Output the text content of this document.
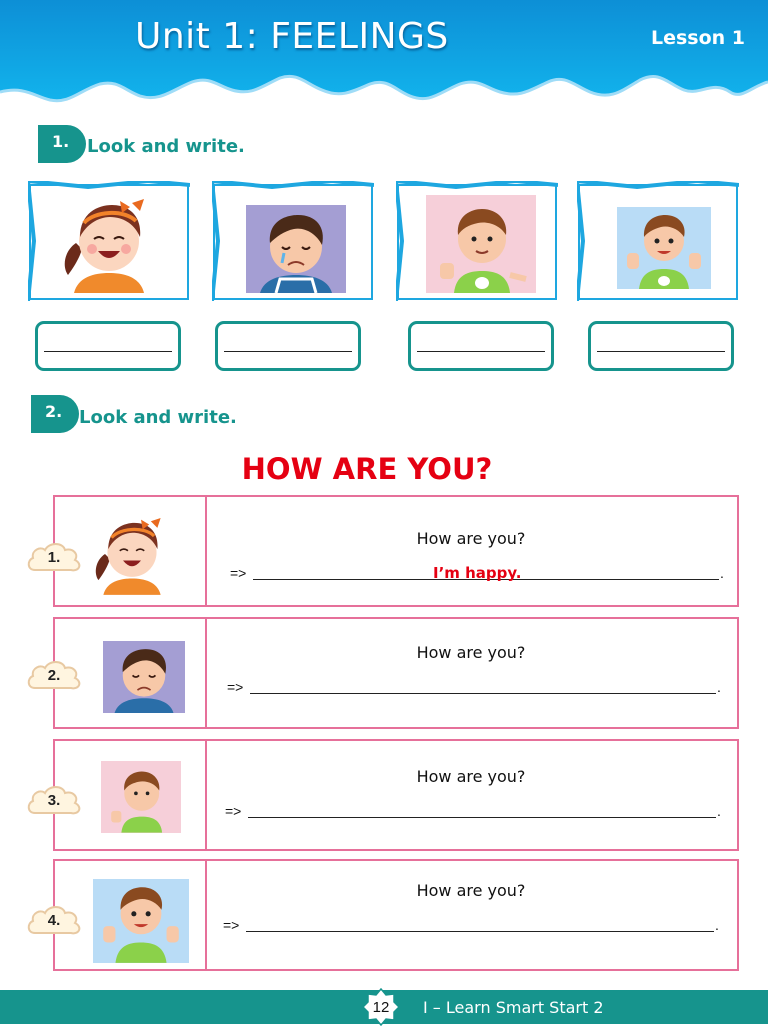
Unit 1: FEELINGS	Lesson 1
1. Look and write.
2. Look and write.
HOW ARE YOU?
How are you?
=>	.
I’m happy.
How are you?
=>	.
How are you?
=>	.
How are you?
=>	.
1.
2.
3.
4.
12	I – Learn Smart Start 2
